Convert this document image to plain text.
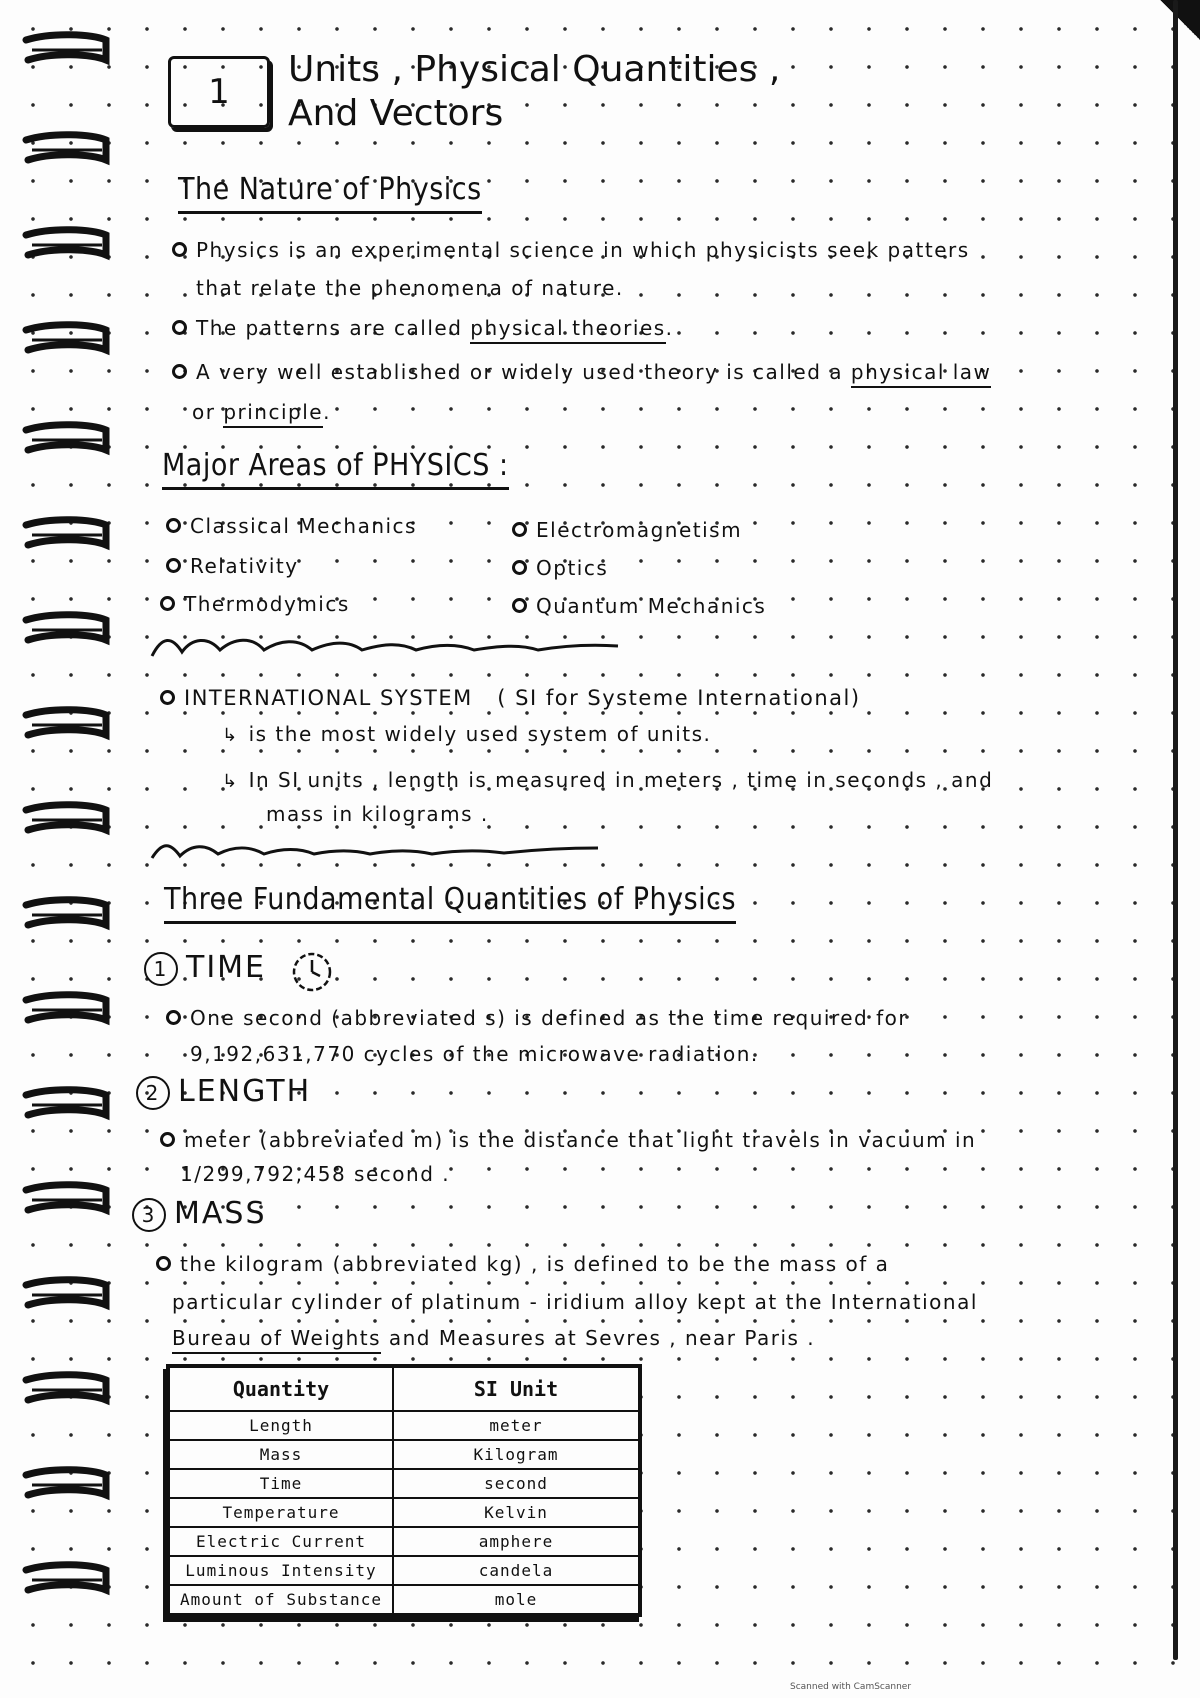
1
Units , Physical Quantities ,
And Vectors
The Nature of Physics
Physics is an experimental science in which physicists seek patters
that relate the phenomena of nature.
The patterns are called physical theories.
A very well established or widely used theory is called a physical law
or principle.
Major Areas of PHYSICS :
Classical Mechanics
Relativity
Thermodymics
Electromagnetism
Optics
Quantum Mechanics
INTERNATIONAL SYSTEM ( SI for Systeme International)
↳ is the most widely used system of units.
↳ In SI units , length is measured in meters , time in seconds , and
mass in kilograms .
Three Fundamental Quantities of Physics
1 TIME
One second (abbreviated s) is defined as the time required for
9,192,631,770 cycles of the microwave radiation.
2 LENGTH
meter (abbreviated m) is the distance that light travels in vacuum in
1/299,792,458 second .
3 MASS
the kilogram (abbreviated kg) , is defined to be the mass of a
particular cylinder of platinum - iridium alloy kept at the International
Bureau of Weights and Measures at Sevres , near Paris .
Quantity	SI Unit
Length	meter
Mass	Kilogram
Time	second
Temperature	Kelvin
Electric Current	amphere
Luminous Intensity	candela
Amount of Substance	mole
Scanned with CamScanner
